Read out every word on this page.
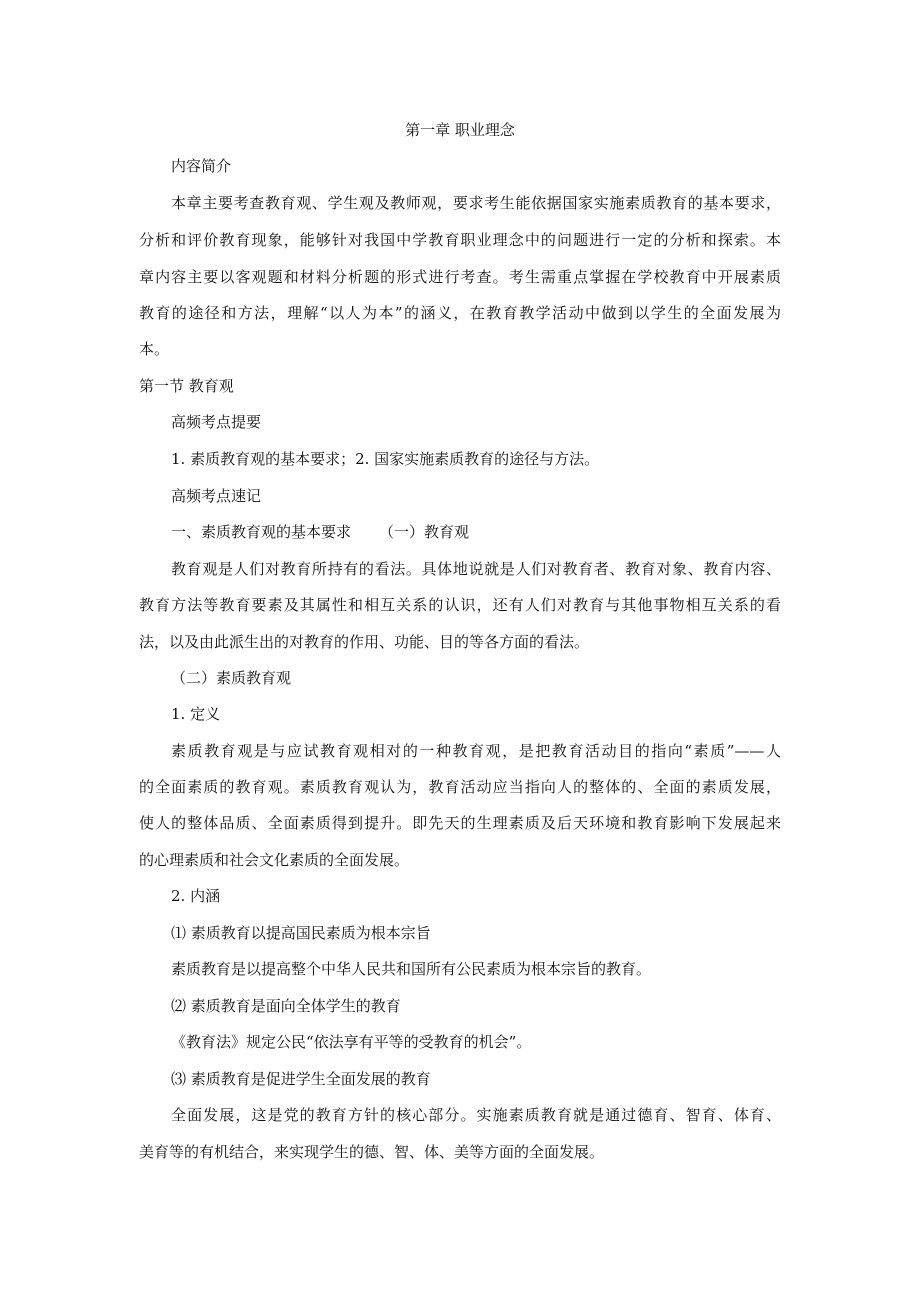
第一章 职业理念
内容简介
本章主要考查教育观、学生观及教师观，要求考生能依据国家实施素质教育的基本要求，
分析和评价教育现象，能够针对我国中学教育职业理念中的问题进行一定的分析和探索。本
章内容主要以客观题和材料分析题的形式进行考查。考生需重点掌握在学校教育中开展素质
教育的途径和方法，理解“以人为本”的涵义，在教育教学活动中做到以学生的全面发展为
本。
第一节 教育观
高频考点提要
1. 素质教育观的基本要求；2. 国家实施素质教育的途径与方法。
高频考点速记
一、素质教育观的基本要求 （一）教育观
教育观是人们对教育所持有的看法。具体地说就是人们对教育者、教育对象、教育内容、
教育方法等教育要素及其属性和相互关系的认识，还有人们对教育与其他事物相互关系的看
法，以及由此派生出的对教育的作用、功能、目的等各方面的看法。
（二）素质教育观
1. 定义
素质教育观是与应试教育观相对的一种教育观，是把教育活动目的指向“素质”——人
的全面素质的教育观。素质教育观认为，教育活动应当指向人的整体的、全面的素质发展，
使人的整体品质、全面素质得到提升。即先天的生理素质及后天环境和教育影响下发展起来
的心理素质和社会文化素质的全面发展。
2. 内涵
⑴ 素质教育以提高国民素质为根本宗旨
素质教育是以提高整个中华人民共和国所有公民素质为根本宗旨的教育。
⑵ 素质教育是面向全体学生的教育
《教育法》规定公民“依法享有平等的受教育的机会”。
⑶ 素质教育是促进学生全面发展的教育
全面发展，这是党的教育方针的核心部分。实施素质教育就是通过德育、智育、体育、
美育等的有机结合，来实现学生的德、智、体、美等方面的全面发展。
